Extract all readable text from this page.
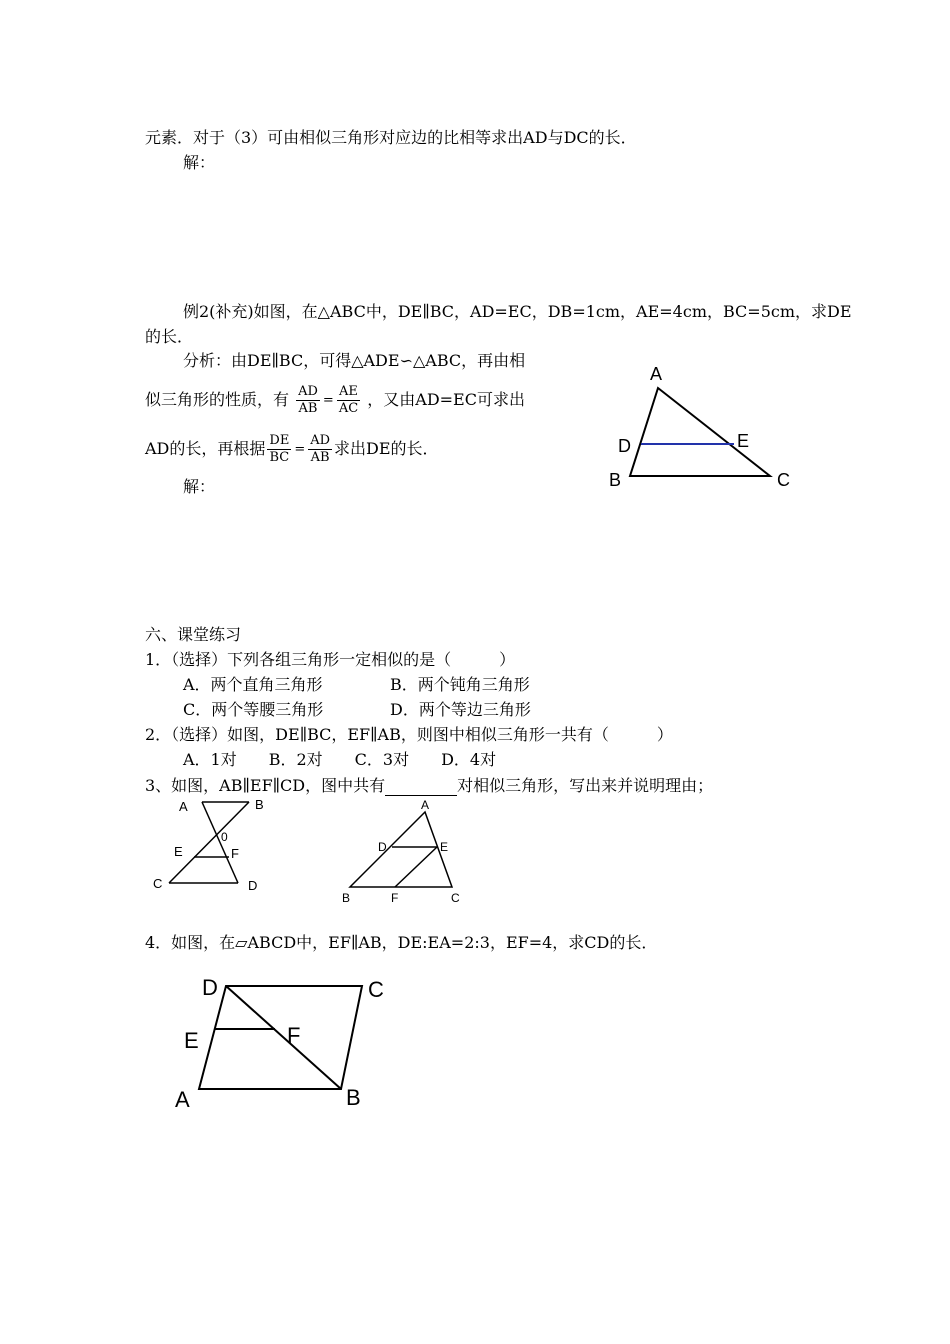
元素．对于（3）可由相似三角形对应边的比相等求出AD与DC的长．
解：
例2(补充)如图，在△ABC中，DE∥BC，AD=EC，DB=1cm，AE=4cm，BC=5cm，求DE
的长．
分析：由DE∥BC，可得△ADE∽△ABC，再由相
似三角形的性质，有 $\frac{AD}{AB} = \frac{AE}{AC}$ ，又由AD=EC可求出
AD的长，再根据 $\frac{DE}{BC} = \frac{AD}{AB}$ 求出DE的长．
解：
A
D	E
B	C
六、课堂练习
1．（选择）下列各组三角形一定相似的是（　　　）
A．两个直角三角形	B．两个钝角三角形
C．两个等腰三角形	D．两个等边三角形
2．（选择）如图，DE∥BC，EF∥AB，则图中相似三角形一共有（　　　）
A．1对　　B．2对　　C．3对　　D．4对
3、如图，AB∥EF∥CD，图中共有	对相似三角形，写出来并说明理由；
A	B
0
E	F
C	D
A
D	E
B	F	C
4．如图，在▱ABCD中，EF∥AB，DE:EA=2:3，EF=4，求CD的长．
D	C
E	F
A	B
